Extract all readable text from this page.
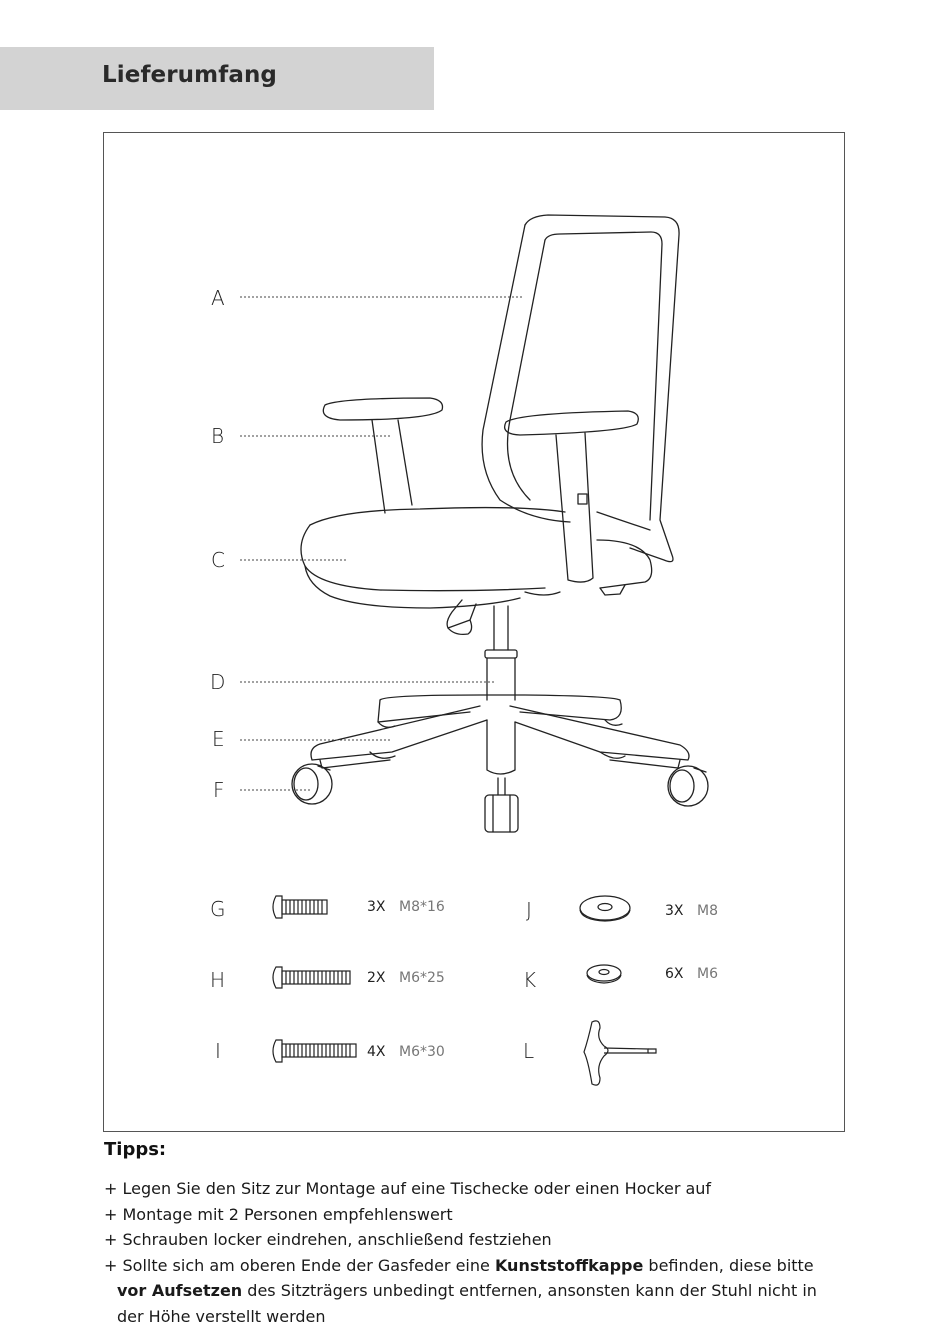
Lieferumfang
A
B
C
D
E
F
G	3X M8*16
H	2X M6*25
I	4X M6*30
J	3X M8
K	6X M6
L
Tipps:
+ Legen Sie den Sitz zur Montage auf eine Tischecke oder einen Hocker auf
+ Montage mit 2 Personen empfehlenswert
+ Schrauben locker eindrehen, anschließend festziehen
+ Sollte sich am oberen Ende der Gasfeder eine Kunststoffkappe befinden, diese bitte vor Aufsetzen des Sitzträgers unbedingt entfernen, ansonsten kann der Stuhl nicht in der Höhe verstellt werden
